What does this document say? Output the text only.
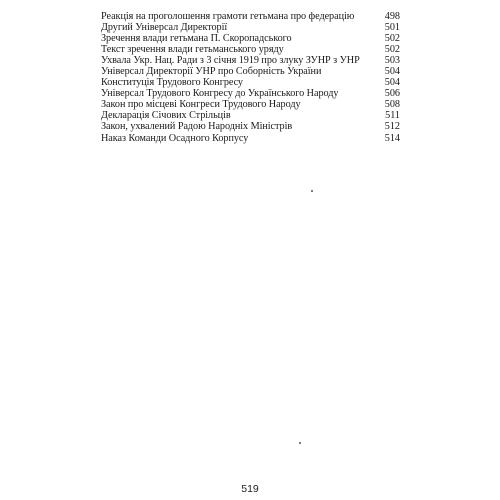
Реакція на проголошення грамоти гетьмана про федерацію	498
Другий Універсал Директорії	501
Зречення влади гетьмана П. Скоропадського	502
Текст зречення влади гетьманського уряду	502
Ухвала Укр. Нац. Ради з 3 січня 1919 про злуку ЗУНР з УНР	503
Універсал Директорії УНР про Соборність України	504
Конституція Трудового Конгресу	504
Універсал Трудового Конгресу до Українського Народу	506
Закон про місцеві Конгреси Трудового Народу	508
Декларація Січових Стрільців	511
Закон, ухвалений Радою Народніх Міністрів	512
Наказ Команди Осадного Корпусу	514
519
